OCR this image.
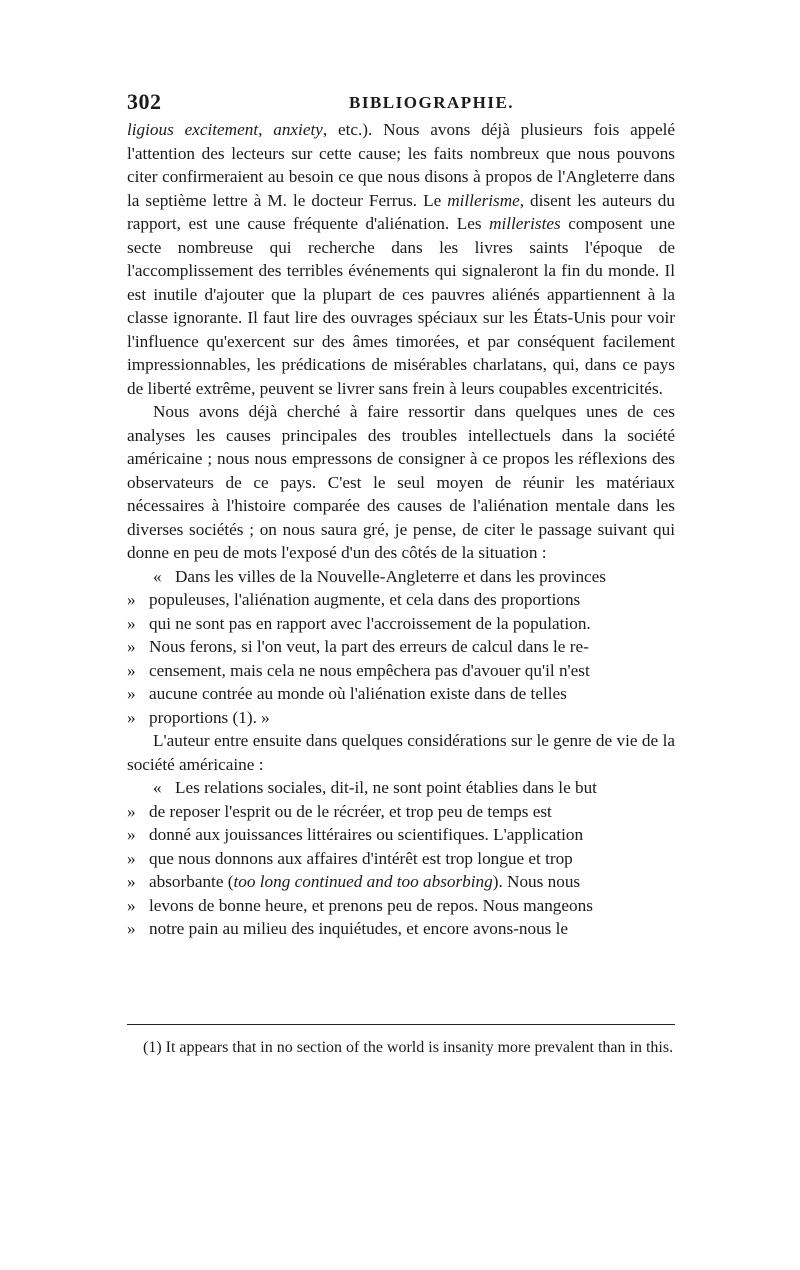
302	BIBLIOGRAPHIE.

ligious excitement, anxiety, etc.). Nous avons déjà plusieurs fois appelé l'attention des lecteurs sur cette cause; les faits nombreux que nous pouvons citer confirmeraient au besoin ce que nous disons à propos de l'Angleterre dans la septième lettre à M. le docteur Ferrus. Le millerisme, disent les auteurs du rapport, est une cause fréquente d'aliénation. Les milleristes composent une secte nombreuse qui recherche dans les livres saints l'époque de l'accomplissement des terribles événements qui signaleront la fin du monde. Il est inutile d'ajouter que la plupart de ces pauvres aliénés appartiennent à la classe ignorante. Il faut lire des ouvrages spéciaux sur les États-Unis pour voir l'influence qu'exercent sur des âmes timorées, et par conséquent facilement impressionnables, les prédications de misérables charlatans, qui, dans ce pays de liberté extrême, peuvent se livrer sans frein à leurs coupables excentricités.

Nous avons déjà cherché à faire ressortir dans quelques unes de ces analyses les causes principales des troubles intellectuels dans la société américaine ; nous nous empressons de consigner à ce propos les réflexions des observateurs de ce pays. C'est le seul moyen de réunir les matériaux nécessaires à l'histoire comparée des causes de l'aliénation mentale dans les diverses sociétés ; on nous saura gré, je pense, de citer le passage suivant qui donne en peu de mots l'exposé d'un des côtés de la situation :

« Dans les villes de la Nouvelle-Angleterre et dans les provinces

» populeuses, l'aliénation augmente, et cela dans des proportions

» qui ne sont pas en rapport avec l'accroissement de la population.

» Nous ferons, si l'on veut, la part des erreurs de calcul dans le re-

» censement, mais cela ne nous empêchera pas d'avouer qu'il n'est

» aucune contrée au monde où l'aliénation existe dans de telles

» proportions (1). »

L'auteur entre ensuite dans quelques considérations sur le genre de vie de la société américaine :

« Les relations sociales, dit-il, ne sont point établies dans le but

» de reposer l'esprit ou de le récréer, et trop peu de temps est

» donné aux jouissances littéraires ou scientifiques. L'application

» que nous donnons aux affaires d'intérêt est trop longue et trop

» absorbante (too long continued and too absorbing). Nous nous

» levons de bonne heure, et prenons peu de repos. Nous mangeons

» notre pain au milieu des inquiétudes, et encore avons-nous le

(1) It appears that in no section of the world is insanity more prevalent than in this.
